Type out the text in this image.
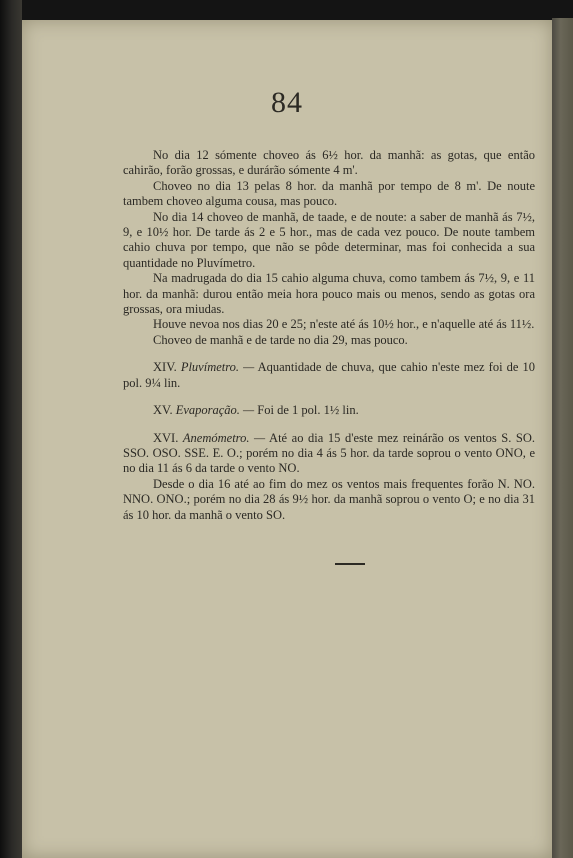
84

No dia 12 sómente choveo ás 6½ hor. da manhã: as gotas, que então cahirão, forão grossas, e durárão sómente 4 m'.

Choveo no dia 13 pelas 8 hor. da manhã por tempo de 8 m'. De noute tambem choveo alguma cousa, mas pouco.

No dia 14 choveo de manhã, de taade, e de noute: a saber de manhã ás 7½, 9, e 10½ hor. De tarde ás 2 e 5 hor., mas de cada vez pouco. De noute tambem cahio chuva por tempo, que não se pôde determinar, mas foi conhecida a sua quantidade no Pluvímetro.

Na madrugada do dia 15 cahio alguma chuva, como tambem ás 7½, 9, e 11 hor. da manhã: durou então meia hora pouco mais ou menos, sendo as gotas ora grossas, ora miudas.

Houve nevoa nos dias 20 e 25; n'este até ás 10½ hor., e n'aquelle até ás 11½.

Choveo de manhã e de tarde no dia 29, mas pouco.

XIV. Pluvímetro. — Aquantidade de chuva, que cahio n'este mez foi de 10 pol. 9¼ lin.

XV. Evaporação. — Foi de 1 pol. 1½ lin.

XVI. Anemómetro. — Até ao dia 15 d'este mez reinárão os ventos S. SO. SSO. OSO. SSE. E. O.; porém no dia 4 ás 5 hor. da tarde soprou o vento ONO, e no dia 11 ás 6 da tarde o vento NO.

Desde o dia 16 até ao fim do mez os ventos mais frequentes forão N. NO. NNO. ONO.; porém no dia 28 ás 9½ hor. da manhã soprou o vento O; e no dia 31 ás 10 hor. da manhã o vento SO.
